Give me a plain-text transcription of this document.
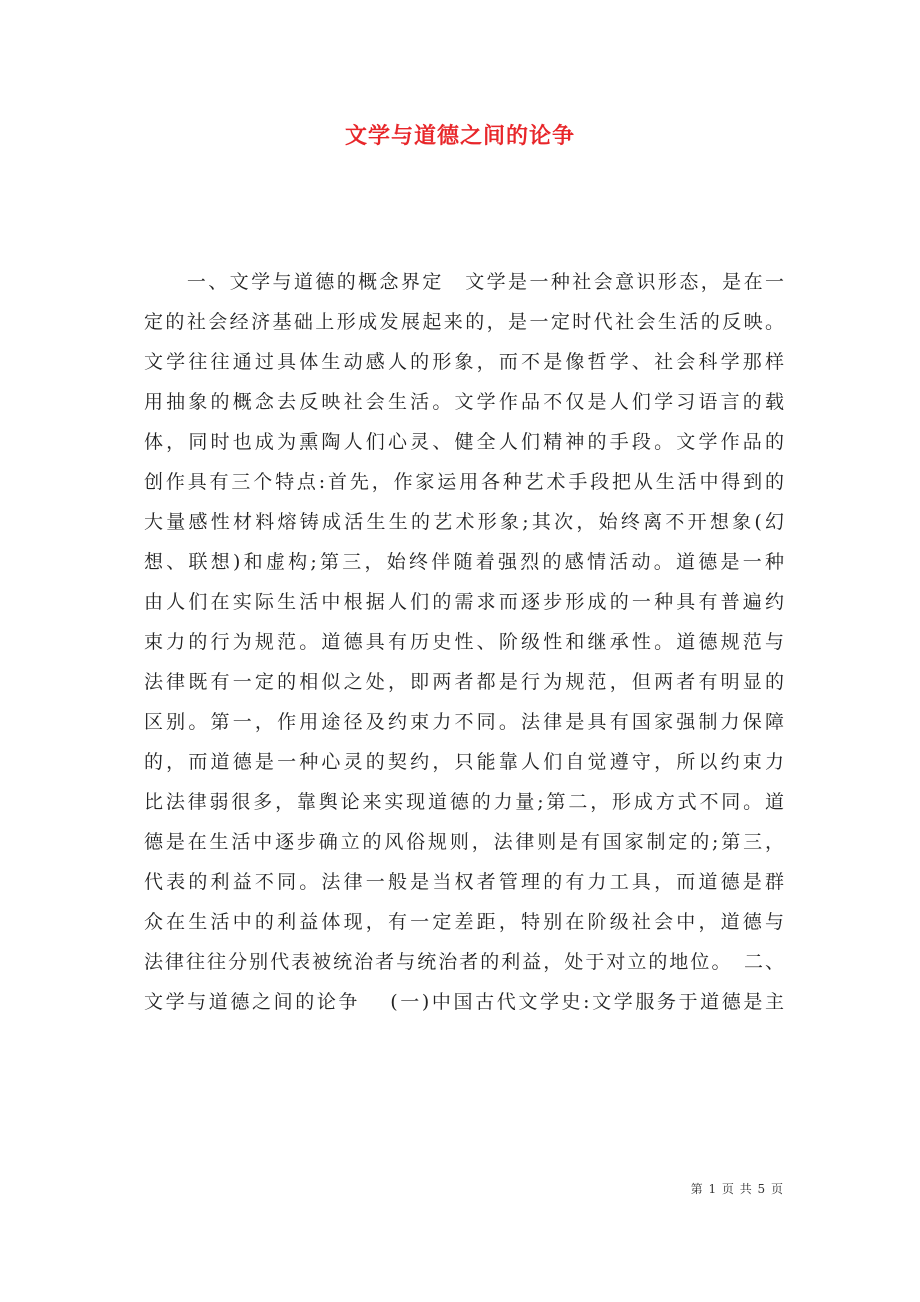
文学与道德之间的论争
　　一、文学与道德的概念界定　文学是一种社会意识形态，是在一
定的社会经济基础上形成发展起来的，是一定时代社会生活的反映。
文学往往通过具体生动感人的形象，而不是像哲学、社会科学那样
用抽象的概念去反映社会生活。文学作品不仅是人们学习语言的载
体，同时也成为熏陶人们心灵、健全人们精神的手段。文学作品的
创作具有三个特点:首先，作家运用各种艺术手段把从生活中得到的
大量感性材料熔铸成活生生的艺术形象;其次，始终离不开想象(幻
想、联想)和虚构;第三，始终伴随着强烈的感情活动。道德是一种
由人们在实际生活中根据人们的需求而逐步形成的一种具有普遍约
束力的行为规范。道德具有历史性、阶级性和继承性。道德规范与
法律既有一定的相似之处，即两者都是行为规范，但两者有明显的
区别。第一，作用途径及约束力不同。法律是具有国家强制力保障
的，而道德是一种心灵的契约，只能靠人们自觉遵守，所以约束力
比法律弱很多，靠舆论来实现道德的力量;第二，形成方式不同。道
德是在生活中逐步确立的风俗规则，法律则是有国家制定的;第三，
代表的利益不同。法律一般是当权者管理的有力工具，而道德是群
众在生活中的利益体现，有一定差距，特别在阶级社会中，道德与
法律往往分别代表被统治者与统治者的利益，处于对立的地位。　二、
文学与道德之间的论争　 (一)中国古代文学史:文学服务于道德是主
第 1 页 共 5 页
